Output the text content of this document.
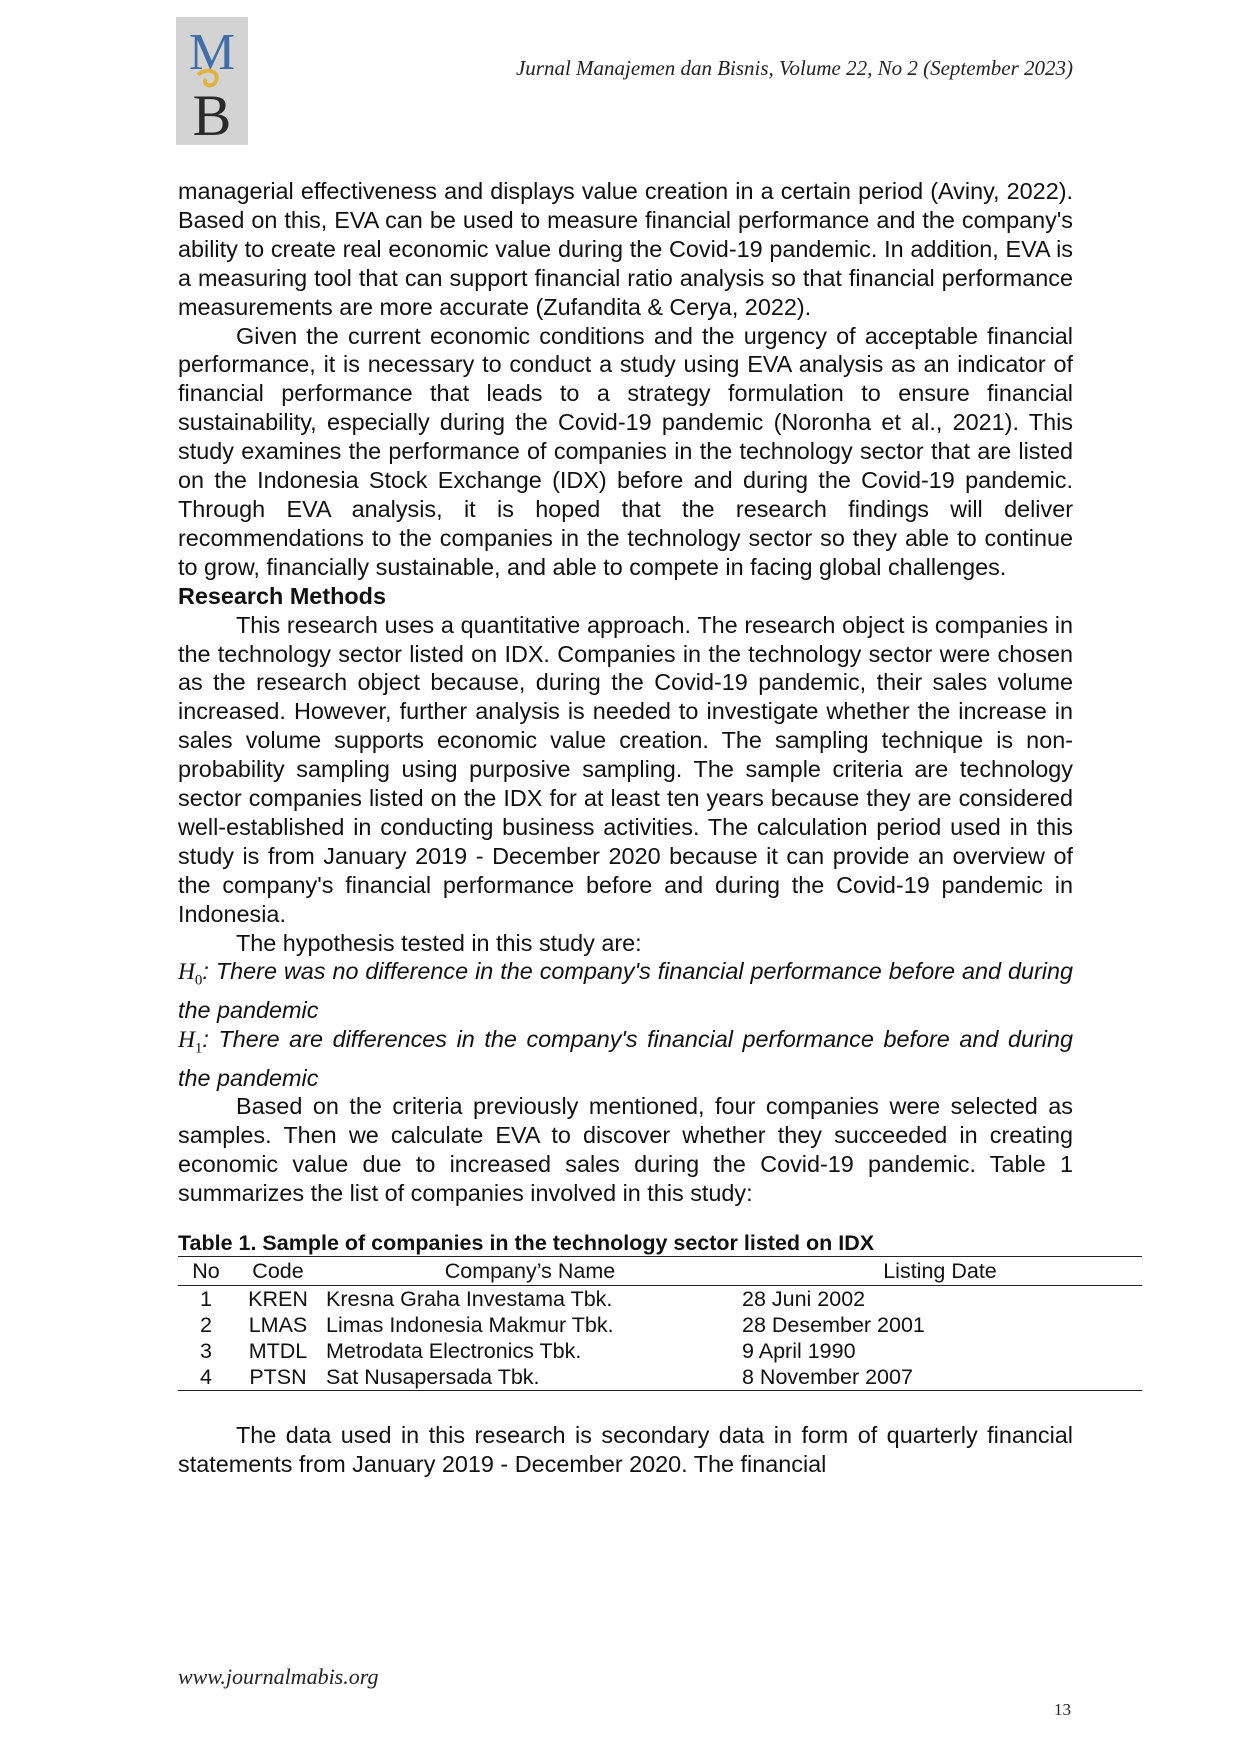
M
B
Jurnal Manajemen dan Bisnis, Volume 22, No 2 (September 2023)

managerial effectiveness and displays value creation in a certain period (Aviny, 2022). Based on this, EVA can be used to measure financial performance and the company's ability to create real economic value during the Covid-19 pandemic. In addition, EVA is a measuring tool that can support financial ratio analysis so that financial performance measurements are more accurate (Zufandita & Cerya, 2022).

Given the current economic conditions and the urgency of acceptable financial performance, it is necessary to conduct a study using EVA analysis as an indicator of financial performance that leads to a strategy formulation to ensure financial sustainability, especially during the Covid-19 pandemic (Noronha et al., 2021). This study examines the performance of companies in the technology sector that are listed on the Indonesia Stock Exchange (IDX) before and during the Covid-19 pandemic. Through EVA analysis, it is hoped that the research findings will deliver recommendations to the companies in the technology sector so they able to continue to grow, financially sustainable, and able to compete in facing global challenges.

Research Methods

This research uses a quantitative approach. The research object is companies in the technology sector listed on IDX. Companies in the technology sector were chosen as the research object because, during the Covid-19 pandemic, their sales volume increased. However, further analysis is needed to investigate whether the increase in sales volume supports economic value creation. The sampling technique is non-probability sampling using purposive sampling. The sample criteria are technology sector companies listed on the IDX for at least ten years because they are considered well-established in conducting business activities. The calculation period used in this study is from January 2019 - December 2020 because it can provide an overview of the company's financial performance before and during the Covid-19 pandemic in Indonesia.

The hypothesis tested in this study are:

$H_0$: There was no difference in the company's financial performance before and during the pandemic

$H_1$: There are differences in the company's financial performance before and during the pandemic

Based on the criteria previously mentioned, four companies were selected as samples. Then we calculate EVA to discover whether they succeeded in creating economic value due to increased sales during the Covid-19 pandemic. Table 1 summarizes the list of companies involved in this study:

Table 1. Sample of companies in the technology sector listed on IDX
No	Code	Company’s Name	Listing Date
1	KREN	Kresna Graha Investama Tbk.	28 Juni 2002
2	LMAS	Limas Indonesia Makmur Tbk.	28 Desember 2001
3	MTDL	Metrodata Electronics Tbk.	9 April 1990
4	PTSN	Sat Nusapersada Tbk.	8 November 2007

The data used in this research is secondary data in form of quarterly financial statements from January 2019 - December 2020. The financial

www.journalmabis.org
13
